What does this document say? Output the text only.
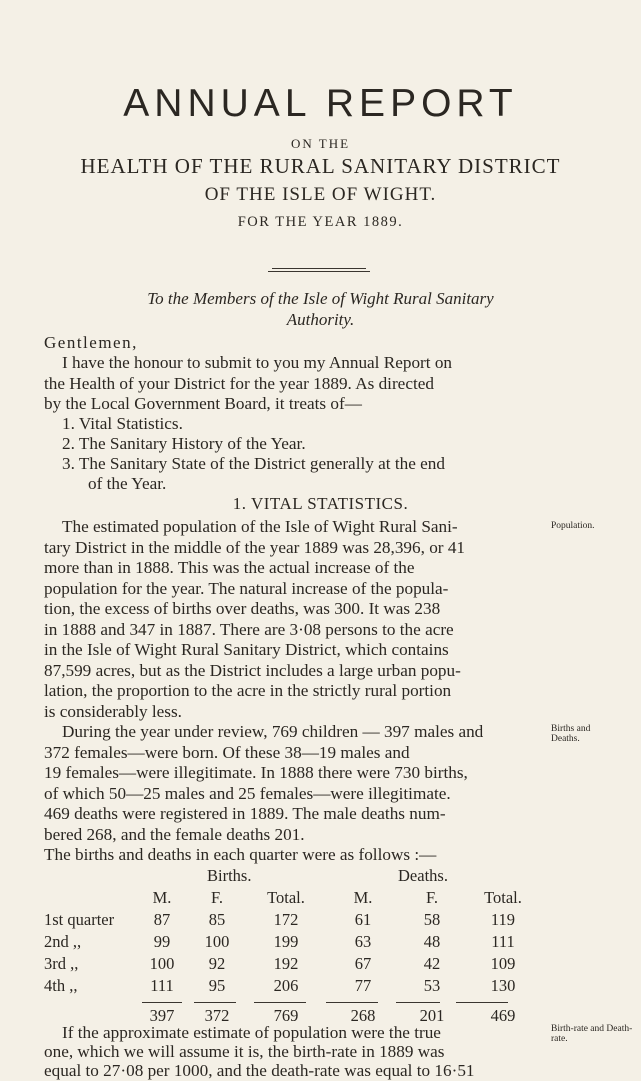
ANNUAL REPORT
ON THE
HEALTH OF THE RURAL SANITARY DISTRICT
OF THE ISLE OF WIGHT.
FOR THE YEAR 1889.
To the Members of the Isle of Wight Rural Sanitary
Authority.
Gentlemen,

I have the honour to submit to you my Annual Report on

the Health of your District for the year 1889. As directed

by the Local Government Board, it treats of—

1. Vital Statistics.
2. The Sanitary History of the Year.
3. The Sanitary State of the District generally at the end
of the Year.
1. VITAL STATISTICS.

The estimated population of the Isle of Wight Rural Sani-

tary District in the middle of the year 1889 was 28,396, or 41

more than in 1888. This was the actual increase of the

population for the year. The natural increase of the popula-

tion, the excess of births over deaths, was 300. It was 238

in 1888 and 347 in 1887. There are 3·08 persons to the acre

in the Isle of Wight Rural Sanitary District, which contains

87,599 acres, but as the District includes a large urban popu-

lation, the proportion to the acre in the strictly rural portion

is considerably less.

Population.

During the year under review, 769 children — 397 males and

372 females—were born. Of these 38—19 males and

19 females—were illegitimate. In 1888 there were 730 births,

of which 50—25 males and 25 females—were illegitimate.

469 deaths were registered in 1889. The male deaths num-

bered 268, and the female deaths 201.

The births and deaths in each quarter were as follows :—

Births and Deaths.
Births.	Deaths.
	M.	F.	Total.	M.	F.	Total.
1st quarter	87	85	172	61	58	119
2nd ,,	99	100	199	63	48	111
3rd ,,	100	92	192	67	42	109
4th ,,	111	95	206	77	53	130
	397	372	769	268	201	469

If the approximate estimate of population were the true

one, which we will assume it is, the birth-rate in 1889 was

equal to 27·08 per 1000, and the death-rate was equal to 16·51

Birth-rate and Death-rate.
